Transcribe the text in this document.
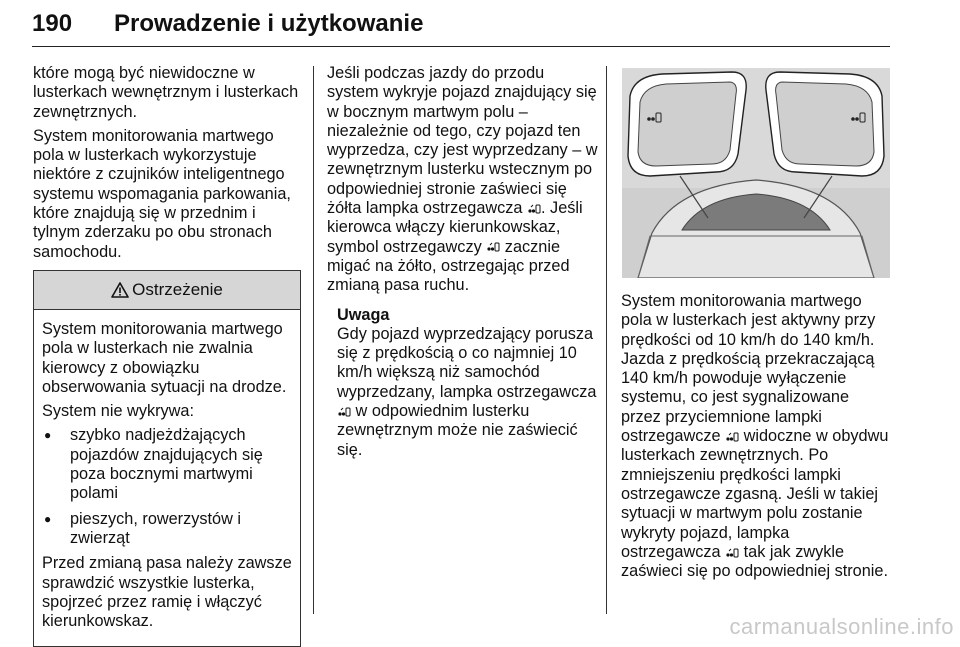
190 Prowadzenie i użytkowanie

które mogą być niewidoczne w lusterkach wewnętrznym i lusterkach zewnętrznych.

System monitorowania martwego pola w lusterkach wykorzystuje niektóre z czujników inteligentnego systemu wspomagania parkowania, które znajdują się w przednim i tylnym zderzaku po obu stronach samochodu.

Ostrzeżenie

System monitorowania martwego pola w lusterkach nie zwalnia kierowcy z obowiązku obserwowania sytuacji na drodze.

System nie wykrywa:

● szybko nadjeżdżających pojazdów znajdujących się poza bocznymi martwymi polami
● pieszych, rowerzystów i zwierząt

Przed zmianą pasa należy zawsze sprawdzić wszystkie lusterka, spojrzeć przez ramię i włączyć kierunkowskaz.

Jeśli podczas jazdy do przodu system wykryje pojazd znajdujący się w bocznym martwym polu – niezależnie od tego, czy pojazd ten wyprzedza, czy jest wyprzedzany – w zewnętrznym lusterku wstecznym po odpowiedniej stronie zaświeci się żółta lampka ostrzegawcza . Jeśli kierowca włączy kierunkowskaz, symbol ostrzegawczy zacznie migać na żółto, ostrzegając przed zmianą pasa ruchu.

Uwaga

Gdy pojazd wyprzedzający porusza się z prędkością o co najmniej 10 km/h większą niż samochód wyprzedzany, lampka ostrzegawcza  w odpowiednim lusterku zewnętrznym może nie zaświecić się.

System monitorowania martwego pola w lusterkach jest aktywny przy prędkości od 10 km/h do 140 km/h. Jazda z prędkością przekraczającą 140 km/h powoduje wyłączenie systemu, co jest sygnalizowane przez przyciemnione lampki ostrzegawcze widoczne w obydwu lusterkach zewnętrznych. Po zmniejszeniu prędkości lampki ostrzegawcze zgasną. Jeśli w takiej sytuacji w martwym polu zostanie wykryty pojazd, lampka ostrzegawcza tak jak zwykle zaświeci się po odpowiedniej stronie.

carmanualsonline.info
